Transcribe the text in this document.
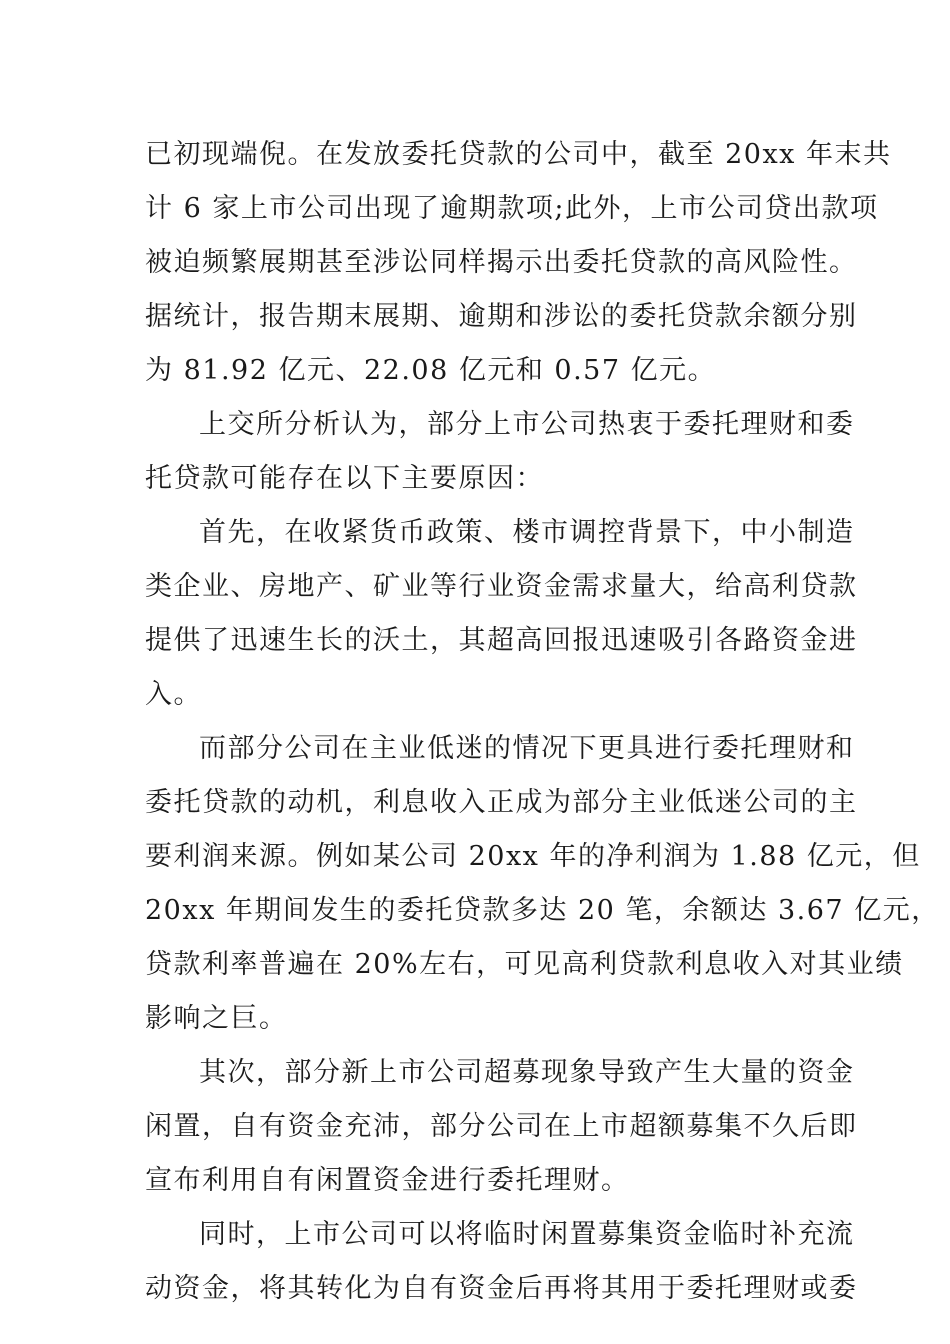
已初现端倪。在发放委托贷款的公司中，截至 20xx 年末共
计 6 家上市公司出现了逾期款项;此外，上市公司贷出款项
被迫频繁展期甚至涉讼同样揭示出委托贷款的高风险性。
据统计，报告期末展期、逾期和涉讼的委托贷款余额分别
为 81.92 亿元、22.08 亿元和 0.57 亿元。
上交所分析认为，部分上市公司热衷于委托理财和委
托贷款可能存在以下主要原因：
首先，在收紧货币政策、楼市调控背景下，中小制造
类企业、房地产、矿业等行业资金需求量大，给高利贷款
提供了迅速生长的沃土，其超高回报迅速吸引各路资金进
入。
而部分公司在主业低迷的情况下更具进行委托理财和
委托贷款的动机，利息收入正成为部分主业低迷公司的主
要利润来源。例如某公司 20xx 年的净利润为 1.88 亿元，但
20xx 年期间发生的委托贷款多达 20 笔，余额达 3.67 亿元，
贷款利率普遍在 20%左右，可见高利贷款利息收入对其业绩
影响之巨。
其次，部分新上市公司超募现象导致产生大量的资金
闲置，自有资金充沛，部分公司在上市超额募集不久后即
宣布利用自有闲置资金进行委托理财。
同时，上市公司可以将临时闲置募集资金临时补充流
动资金，将其转化为自有资金后再将其用于委托理财或委
